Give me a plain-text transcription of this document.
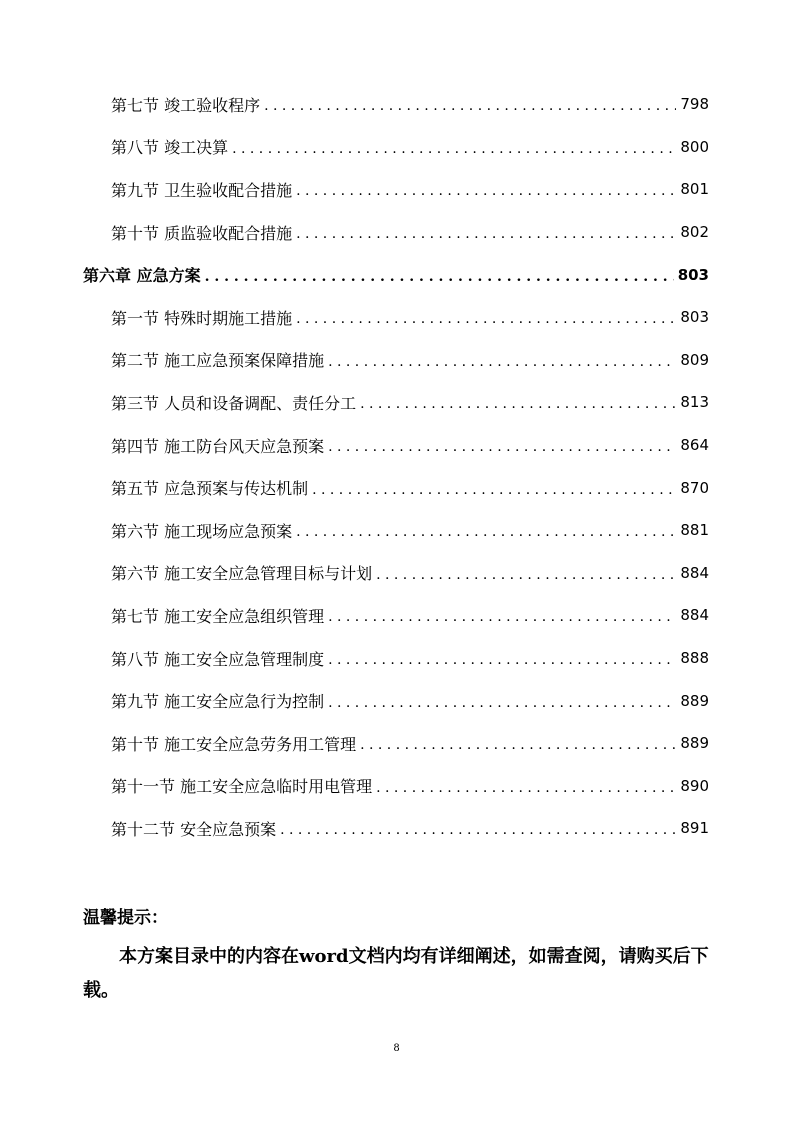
第七节 竣工验收程序 . . .	798
第八节 竣工决算 . . .	800
第九节 卫生验收配合措施 . . .	801
第十节 质监验收配合措施 . . .	802
第六章 应急方案 . . .	803
第一节 特殊时期施工措施 . . .	803
第二节 施工应急预案保障措施 . . .	809
第三节 人员和设备调配、责任分工 . . .	813
第四节 施工防台风天应急预案 . . .	864
第五节 应急预案与传达机制 . . .	870
第六节 施工现场应急预案 . . .	881
第六节 施工安全应急管理目标与计划 . . .	884
第七节 施工安全应急组织管理 . . .	884
第八节 施工安全应急管理制度 . . .	888
第九节 施工安全应急行为控制 . . .	889
第十节 施工安全应急劳务用工管理 . . .	889
第十一节 施工安全应急临时用电管理 . . .	890
第十二节 安全应急预案 . . .	891
温馨提示：
本方案目录中的内容在word文档内均有详细阐述，如需查阅，请购买后下载。
8
